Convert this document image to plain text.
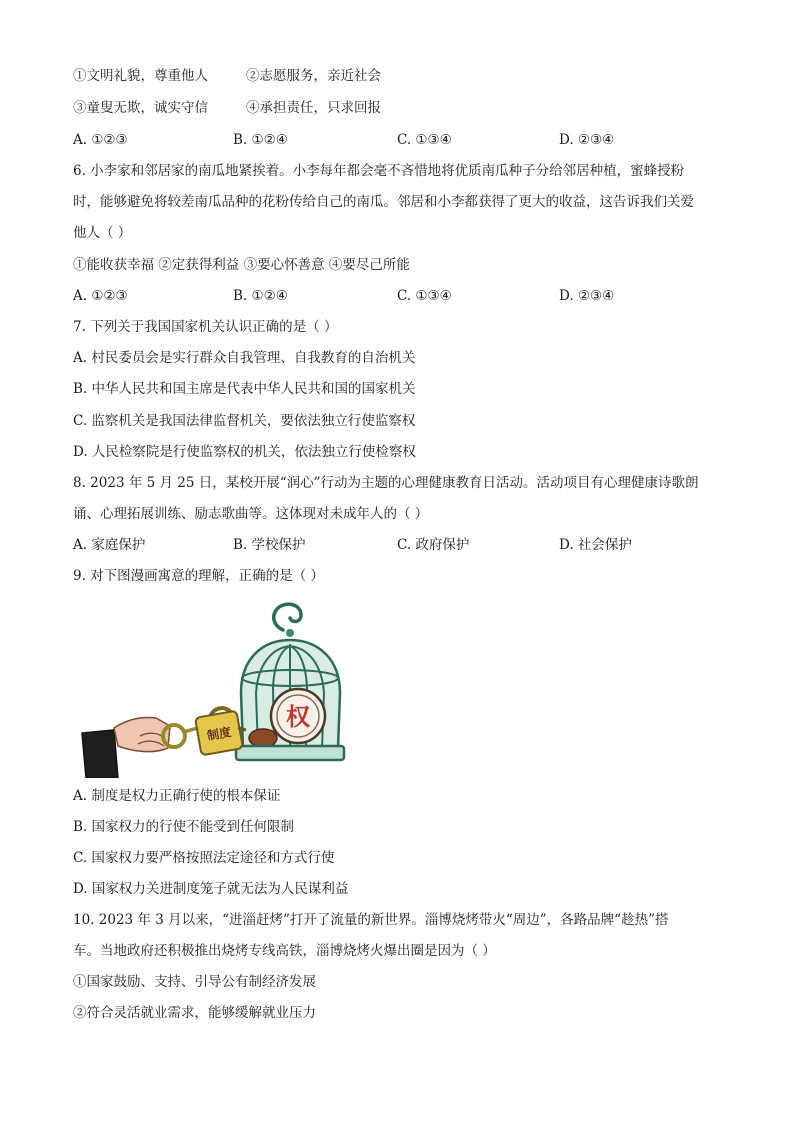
①文明礼貌，尊重他人	②志愿服务，亲近社会
③童叟无欺，诚实守信	④承担责任，只求回报
A. ①②③	B. ①②④	C. ①③④	D. ②③④
6. 小李家和邻居家的南瓜地紧挨着。小李每年都会毫不吝惜地将优质南瓜种子分给邻居种植，蜜蜂授粉
时，能够避免将较差南瓜品种的花粉传给自己的南瓜。邻居和小李都获得了更大的收益，这告诉我们关爱
他人（ ）
①能收获幸福 ②定获得利益 ③要心怀善意 ④要尽己所能
A. ①②③	B. ①②④	C. ①③④	D. ②③④
7. 下列关于我国国家机关认识正确的是（ ）
A. 村民委员会是实行群众自我管理、自我教育的自治机关
B. 中华人民共和国主席是代表中华人民共和国的国家机关
C. 监察机关是我国法律监督机关，要依法独立行使监察权
D. 人民检察院是行使监察权的机关，依法独立行使检察权
8. 2023 年 5 月 25 日，某校开展“润心”行动为主题的心理健康教育日活动。活动项目有心理健康诗歌朗
诵、心理拓展训练、励志歌曲等。这体现对未成年人的（ ）
A. 家庭保护	B. 学校保护	C. 政府保护	D. 社会保护
9. 对下图漫画寓意的理解，正确的是（ ）
权
制度
A. 制度是权力正确行使的根本保证
B. 国家权力的行使不能受到任何限制
C. 国家权力要严格按照法定途径和方式行使
D. 国家权力关进制度笼子就无法为人民谋利益
10. 2023 年 3 月以来，“进淄赶烤”打开了流量的新世界。淄博烧烤带火“周边”，各路品牌“趁热”搭
车。当地政府还积极推出烧烤专线高铁，淄博烧烤火爆出圈是因为（ ）
①国家鼓励、支持、引导公有制经济发展
②符合灵活就业需求，能够缓解就业压力
